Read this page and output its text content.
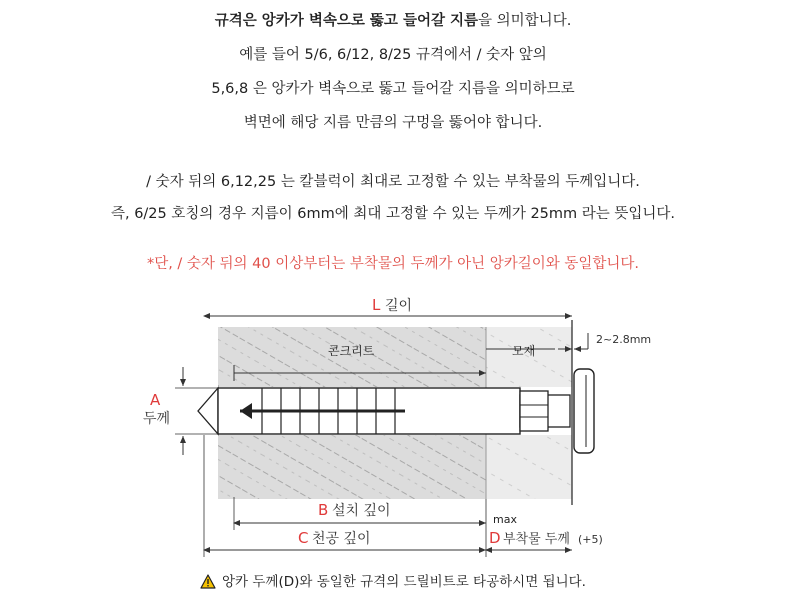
규격은 앙카가 벽속으로 뚫고 들어갈 지름을 의미합니다.
예를 들어 5/6, 6/12, 8/25 규격에서 / 숫자 앞의
5,6,8 은 앙카가 벽속으로 뚫고 들어갈 지름을 의미하므로
벽면에 해당 지름 만큼의 구멍을 뚫어야 합니다.
/ 숫자 뒤의 6,12,25 는 칼블럭이 최대로 고정할 수 있는 부착물의 두께입니다.
즉, 6/25 호칭의 경우 지름이 6mm에 최대 고정할 수 있는 두께가 25mm 라는 뜻입니다.
*단, / 숫자 뒤의 40 이상부터는 부착물의 두께가 아닌 앙카길이와 동일합니다.
L 길이
2~2.8mm
콘크리트	모재
A
두께
B 설치 깊이
C 천공 깊이
max
D 부착물 두께 (+5)
앙카 두께(D)와 동일한 규격의 드릴비트로 타공하시면 됩니다.
